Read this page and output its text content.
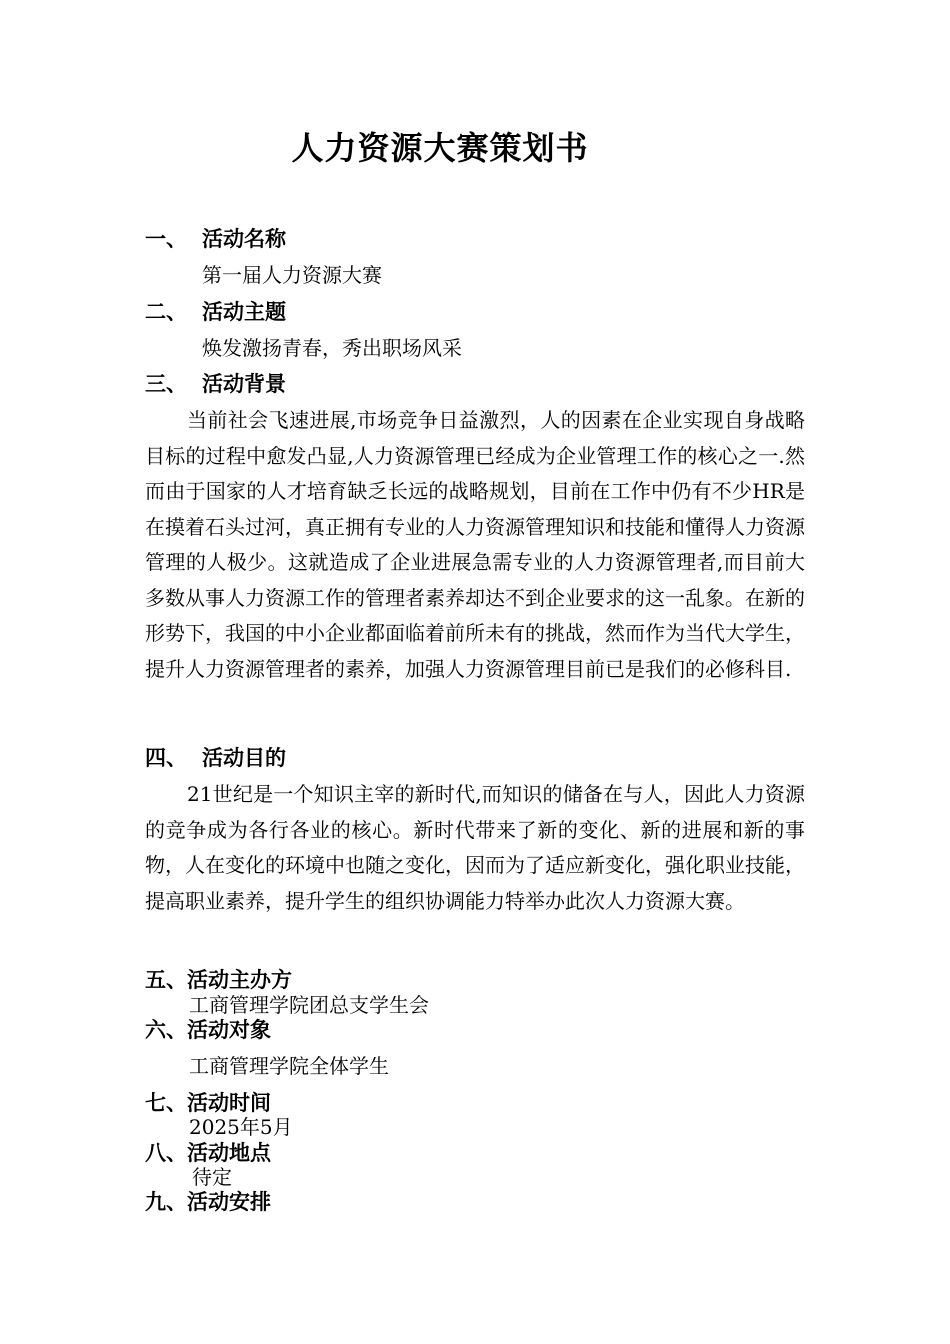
人力资源大赛策划书
一、 活动名称
第一届人力资源大赛
二、 活动主题
焕发激扬青春，秀出职场风采
三、 活动背景
当前社会飞速进展,市场竞争日益激烈，人的因素在企业实现自身战略目标的过程中愈发凸显,人力资源管理已经成为企业管理工作的核心之一.然而由于国家的人才培育缺乏长远的战略规划，目前在工作中仍有不少HR是在摸着石头过河，真正拥有专业的人力资源管理知识和技能和懂得人力资源管理的人极少。这就造成了企业进展急需专业的人力资源管理者,而目前大多数从事人力资源工作的管理者素养却达不到企业要求的这一乱象。在新的形势下，我国的中小企业都面临着前所未有的挑战，然而作为当代大学生，提升人力资源管理者的素养，加强人力资源管理目前已是我们的必修科目.
四、 活动目的
21世纪是一个知识主宰的新时代,而知识的储备在与人，因此人力资源的竞争成为各行各业的核心。新时代带来了新的变化、新的进展和新的事物，人在变化的环境中也随之变化，因而为了适应新变化，强化职业技能，提高职业素养，提升学生的组织协调能力特举办此次人力资源大赛。
五、活动主办方
工商管理学院团总支学生会
六、活动对象
工商管理学院全体学生
七、活动时间
2025年5月
八、活动地点
待定
九、活动安排
